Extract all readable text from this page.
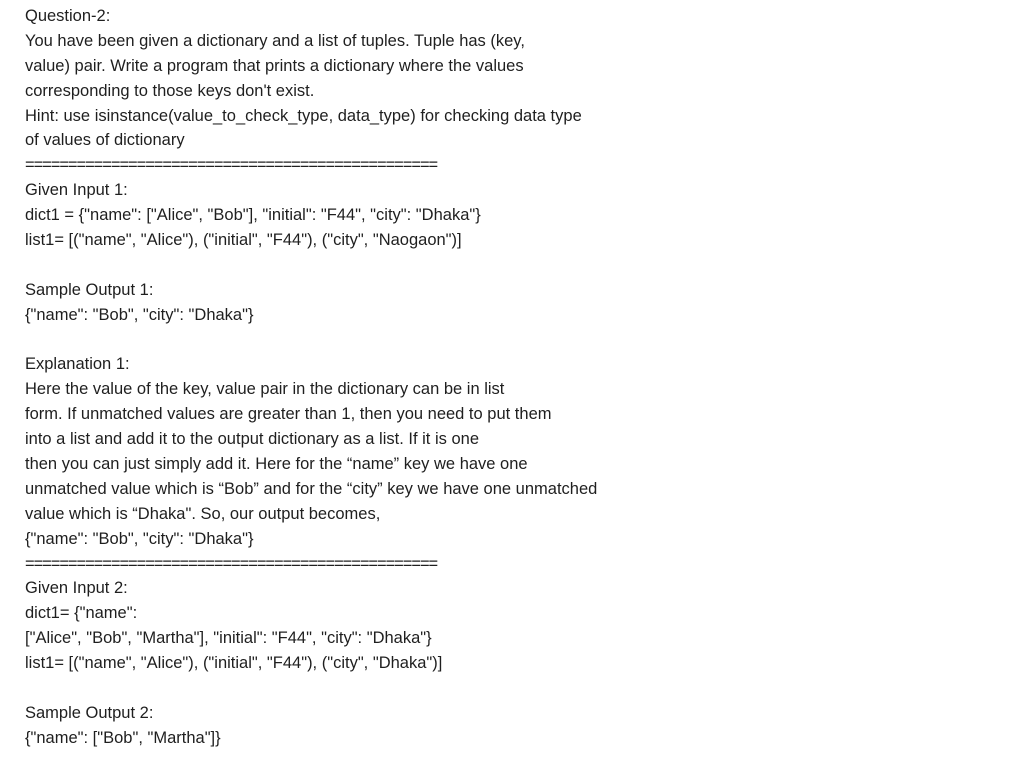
Question-2:
You have been given a dictionary and a list of tuples. Tuple has (key,
value) pair. Write a program that prints a dictionary where the values
corresponding to those keys don't exist.
Hint: use isinstance(value_to_check_type, data_type) for checking data type
of values of dictionary
================================================
Given Input 1:
dict1 = {"name": ["Alice", "Bob"], "initial": "F44", "city": "Dhaka"}
list1= [("name", "Alice"), ("initial", "F44"), ("city", "Naogaon")]
Sample Output 1:
{"name": "Bob", "city": "Dhaka"}
Explanation 1:
Here the value of the key, value pair in the dictionary can be in list
form. If unmatched values are greater than 1, then you need to put them
into a list and add it to the output dictionary as a list. If it is one
then you can just simply add it. Here for the “name” key we have one
unmatched value which is “Bob” and for the “city” key we have one unmatched
value which is “Dhaka". So, our output becomes,
{"name": "Bob", "city": "Dhaka"}
================================================
Given Input 2:
dict1= {"name":
["Alice", "Bob", "Martha"], "initial": "F44", "city": "Dhaka"}
list1= [("name", "Alice"), ("initial", "F44"), ("city", "Dhaka")]
Sample Output 2:
{"name": ["Bob", "Martha"]}
